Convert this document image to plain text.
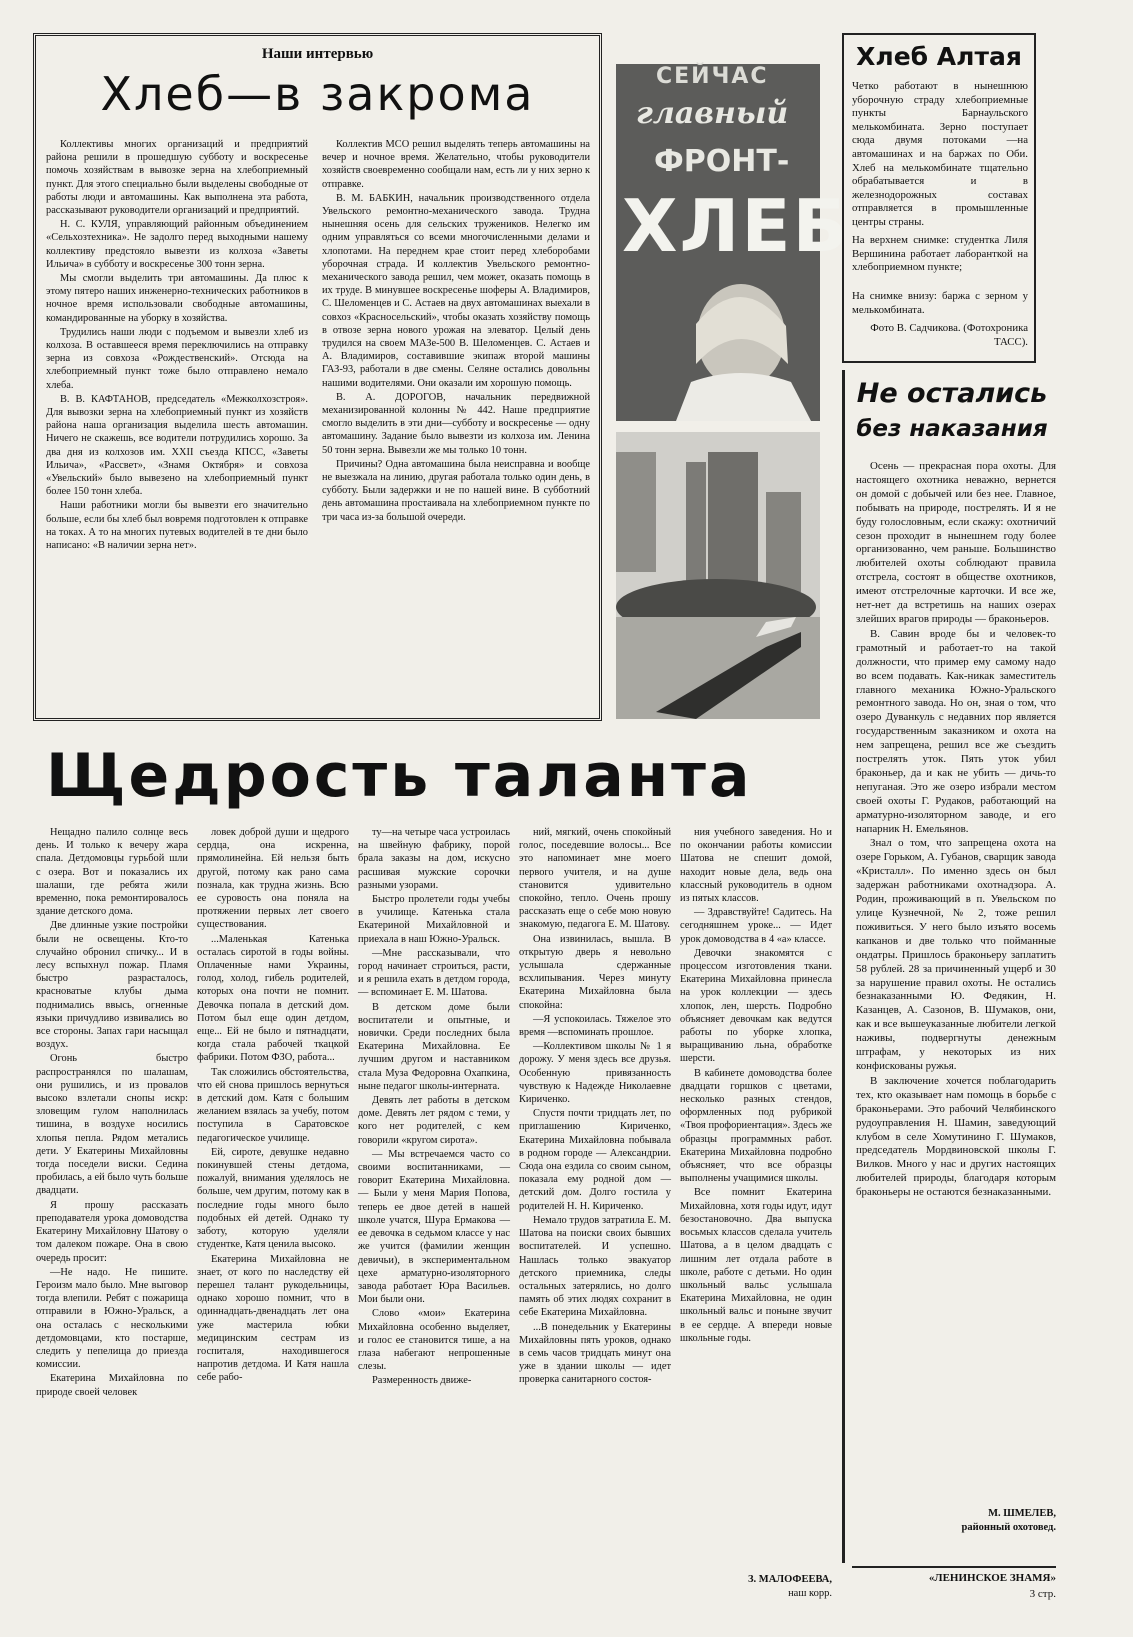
Наши интервью
Хлеб—в закрома

Коллективы многих организаций и предприятий района решили в прошедшую субботу и воскресенье помочь хозяйствам в вывозке зерна на хлебоприемный пункт. Для этого специально были выделены свободные от работы люди и автомашины. Как выполнена эта работа, рассказывают руководители организаций и предприятий.

Н. С. КУЛЯ, управляющий районным объединением «Сельхозтехника». Не задолго перед выходными нашему коллективу предстояло вывезти из колхоза «Заветы Ильича» в субботу и воскресенье 300 тонн зерна.

Мы смогли выделить три автомашины. Да плюс к этому пятеро наших инженерно-технических работников в ночное время использовали свободные автомашины, командированные на уборку в хозяйства.

Трудились наши люди с подъемом и вывезли хлеб из колхоза. В оставшееся время переключились на отправку зерна из совхоза «Рождественский». Отсюда на хлебоприемный пункт тоже было отправлено немало хлеба.

В. В. КАФТАНОВ, председатель «Межколхозстроя». Для вывозки зерна на хлебоприемный пункт из хозяйств района наша организация выделила шесть автомашин. Ничего не скажешь, все водители потрудились хорошо. За два дня из колхозов им. XXII съезда КПСС, «Заветы Ильича», «Рассвет», «Знамя Октября» и совхоза «Увельский» было вывезено на хлебоприемный пункт более 150 тонн хлеба.

Наши работники могли бы вывезти его значительно больше, если бы хлеб был вовремя подготовлен к отправке на токах. А то на многих путевых водителей в те дни было написано: «В наличии зерна нет».

Коллектив МСО решил выделять теперь автомашины на вечер и ночное время. Желательно, чтобы руководители хозяйств своевременно сообщали нам, есть ли у них зерно к отправке.

В. М. БАБКИН, начальник производственного отдела Увельского ремонтно-механического завода. Трудна нынешняя осень для сельских тружеников. Нелегко им одним управляться со всеми многочисленными делами и хлопотами. На переднем крае стоит перед хлеборобами уборочная страда. И коллектив Увельского ремонтно-механического завода решил, чем может, оказать помощь в их труде. В минувшее воскресенье шоферы А. Владимиров, С. Шеломенцев и С. Астаев на двух автомашинах выехали в совхоз «Красносельский», чтобы оказать хозяйству помощь в отвозе зерна нового урожая на элеватор. Целый день трудился на своем МАЗе-500 В. Шеломенцев. С. Астаев и А. Владимиров, составившие экипаж второй машины ГАЗ-93, работали в две смены. Селяне остались довольны нашими водителями. Они оказали им хорошую помощь.

В. А. ДОРОГОВ, начальник передвижной механизированной колонны № 442. Наше предприятие смогло выделить в эти дни—субботу и воскресенье — одну автомашину. Задание было вывезти из колхоза им. Ленина 50 тонн зерна. Вывезли же мы только 10 тонн.

Причины? Одна автомашина была неисправна и вообще не выезжала на линию, другая работала только один день, в субботу. Были задержки и не по нашей вине. В субботний день автомашина простаивала на хлебоприемном пункте по три часа из-за большой очереди.

СЕЙЧАС
главный
ФРОНТ-
ХЛЕБ
Хлеб Алтая
Четко работают в нынешнюю уборочную страду хлебоприемные пункты Барнаульского мелькомбината. Зерно поступает сюда двумя потоками —на автомашинах и на баржах по Оби. Хлеб на мелькомбинате тщательно обрабатывается и в железнодорожных составах отправляется в промышленные центры страны.
На верхнем снимке: студентка Лиля Вершинина работает лаборанткой на хлебоприемном пункте;
На снимке внизу: баржа с зерном у мелькомбината.
Фото В. Садчикова. (Фотохроника ТАСС).
Не остались
без наказания

Осень — прекрасная пора охоты. Для настоящего охотника неважно, вернется он домой с добычей или без нее. Главное, побывать на природе, пострелять. И я не буду голословным, если скажу: охотничий сезон проходит в нынешнем году более организованно, чем раньше. Большинство любителей охоты соблюдают правила отстрела, состоят в обществе охотников, имеют отстрелочные карточки. И все же, нет-нет да встретишь на наших озерах злейших врагов природы — браконьеров.

В. Савин вроде бы и человек-то грамотный и работает-то на такой должности, что пример ему самому надо во всем подавать. Как-никак заместитель главного механика Южно-Уральского ремонтного завода. Но он, зная о том, что озеро Дуванкуль с недавних пор является государственным заказником и охота на нем запрещена, решил все же съездить пострелять уток. Пять уток убил браконьер, да и как не убить — дичь-то непуганая. Это же озеро избрали местом своей охоты Г. Рудаков, работающий на арматурно-изоляторном заводе, и его напарник Н. Емельянов.

Знал о том, что запрещена охота на озере Горьком, А. Губанов, сварщик завода «Кристалл». По именно здесь он был задержан работниками охотнадзора. А. Родин, проживающий в п. Увельском по улице Кузнечной, № 2, тоже решил поживиться. У него было изъято восемь капканов и две только что пойманные ондатры. Пришлось браконьеру заплатить 58 рублей. 28 за причиненный ущерб и 30 за нарушение правил охоты. Не остались безнаказанными Ю. Федякин, Н. Казанцев, А. Сазонов, В. Шумаков, они, как и все вышеуказанные любители легкой наживы, подвергнуты денежным штрафам, у некоторых из них конфискованы ружья.

В заключение хочется поблагодарить тех, кто оказывает нам помощь в борьбе с браконьерами. Это рабочий Челябинского рудоуправления Н. Шамин, заведующий клубом в селе Хомутинино Г. Шумаков, председатель Мордвиновской школы Г. Вилков. Много у нас и других настоящих любителей природы, благодаря которым браконьеры не остаются безнаказанными.

М. ШМЕЛЕВ,
районный охотовед.
Щедрость таланта

Нещадно палило солнце весь день. И только к вечеру жара спала. Детдомовцы гурьбой шли с озера. Вот и показались их шалаши, где ребята жили временно, пока ремонтировалось здание детского дома.

Две длинные узкие постройки были не освещены. Кто-то случайно обронил спичку... И в лесу вспыхнул пожар. Пламя быстро разрасталось, красноватые клубы дыма поднимались ввысь, огненные языки причудливо извивались во все стороны. Запах гари насыщал воздух.

Огонь быстро распространялся по шалашам, они рушились, и из провалов высоко взлетали снопы искр: зловещим гулом наполнилась тишина, в воздухе носились хлопья пепла. Рядом метались дети. У Екатерины Михайловны тогда поседели виски. Седина пробилась, а ей было чуть больше двадцати.

Я прошу рассказать преподавателя урока домоводства Екатерину Михайловну Шатову о том далеком пожаре. Она в свою очередь просит:

—Не надо. Не пишите. Героизм мало было. Мне выговор тогда влепили. Ребят с пожарища отправили в Южно-Уральск, а она осталась с несколькими детдомовцами, кто постарше, следить у пепелища до приезда комиссии.

Екатерина Михайловна по природе своей человек

ловек доброй души и щедрого сердца, она искренна, прямолинейна. Ей нельзя быть другой, потому как рано сама познала, как трудна жизнь. Всю ее суровость она поняла на протяжении первых лет своего существования.

...Маленькая Катенька осталась сиротой в годы войны. Оплаченные нами Украины, голод, холод, гибель родителей, которых она почти не помнит. Девочка попала в детский дом. Потом был еще один детдом, еще... Ей не было и пятнадцати, когда стала рабочей ткацкой фабрики. Потом ФЗО, работа...

Так сложились обстоятельства, что ей снова пришлось вернуться в детский дом. Катя с большим желанием взялась за учебу, потом поступила в Саратовское педагогическое училище.

Ей, сироте, девушке недавно покинувшей стены детдома, пожалуй, внимания уделялось не больше, чем другим, потому как в последние годы много было подобных ей детей. Однако ту заботу, которую уделяли студентке, Катя ценила высоко.

Екатерина Михайловна не знает, от кого по наследству ей перешел талант рукодельницы, однако хорошо помнит, что в одиннадцать-двенадцать лет она уже мастерила юбки медицинским сестрам из госпиталя, находившегося напротив детдома. И Катя нашла себе рабо-

ту—на четыре часа устроилась на швейную фабрику, порой брала заказы на дом, искусно расшивая мужские сорочки разными узорами.

Быстро пролетели годы учебы в училище. Катенька стала Екатериной Михайловной и приехала в наш Южно-Уральск.

—Мне рассказывали, что город начинает строиться, расти, и я решила ехать в детдом города, — вспоминает Е. М. Шатова.

В детском доме были воспитатели и опытные, и новички. Среди последних была Екатерина Михайловна. Ее лучшим другом и наставником стала Муза Федоровна Охапкина, ныне педагог школы-интерната.

Девять лет работы в детском доме. Девять лет рядом с теми, у кого нет родителей, с кем говорили «кругом сирота».

— Мы встречаемся часто со своими воспитанниками, — говорит Екатерина Михайловна. — Были у меня Мария Попова, теперь ее двое детей в нашей школе учатся, Шура Ермакова — ее девочка в седьмом классе у нас же учится (фамилии женщин девичьи), в экспериментальном цехе арматурно-изоляторного завода работает Юра Васильев. Мои были они.

Слово «мои» Екатерина Михайловна особенно выделяет, и голос ее становится тише, а на глаза набегают непрошенные слезы.

Размеренность движе-

ний, мягкий, очень спокойный голос, поседевшие волосы... Все это напоминает мне моего первого учителя, и на душе становится удивительно спокойно, тепло. Очень прошу рассказать еще о себе мою новую знакомую, педагога Е. М. Шатову.

Она извинилась, вышла. В открытую дверь я невольно услышала сдержанные всхлипывания. Через минуту Екатерина Михайловна была спокойна:

—Я успокоилась. Тяжелое это время —вспоминать прошлое.

—Коллективом школы № 1 я дорожу. У меня здесь все друзья. Особенную привязанность чувствую к Надежде Николаевне Кириченко.

Спустя почти тридцать лет, по приглашению Кириченко, Екатерина Михайловна побывала в родном городе — Александрии. Сюда она ездила со своим сыном, показала ему родной дом — детский дом. Долго гостила у родителей Н. Н. Кириченко.

Немало трудов затратила Е. М. Шатова на поиски своих бывших воспитателей. И успешно. Нашлась только эвакуатор детского приемника, следы остальных затерялись, но долго память об этих людях сохранит в себе Екатерина Михайловна.

...В понедельник у Екатерины Михайловны пять уроков, однако в семь часов тридцать минут она уже в здании школы — идет проверка санитарного состоя-

ния учебного заведения. Но и по окончании работы комиссии Шатова не спешит домой, находит новые дела, ведь она классный руководитель в одном из пятых классов.

— Здравствуйте! Садитесь. На сегодняшнем уроке... — Идет урок домоводства в 4 «а» классе.

Девочки знакомятся с процессом изготовления ткани. Екатерина Михайловна принесла на урок коллекции — здесь хлопок, лен, шерсть. Подробно объясняет девочкам как ведутся работы по уборке хлопка, выращиванию льна, обработке шерсти.

В кабинете домоводства более двадцати горшков с цветами, несколько разных стендов, оформленных под рубрикой «Твоя профориентация». Здесь же образцы программных работ. Екатерина Михайловна подробно объясняет, что все образцы выполнены учащимися школы.

Все помнит Екатерина Михайловна, хотя годы идут, идут безостановочно. Два выпуска восьмых классов сделала учитель Шатова, а в целом двадцать с лишним лет отдала работе в школе, работе с детьми. Но один школьный вальс услышала Екатерина Михайловна, не один школьный вальс и поныне звучит в ее сердце. А впереди новые школьные годы.

З. МАЛОФЕЕВА,
наш корр.
«ЛЕНИНСКОЕ ЗНАМЯ»
3 стр.
